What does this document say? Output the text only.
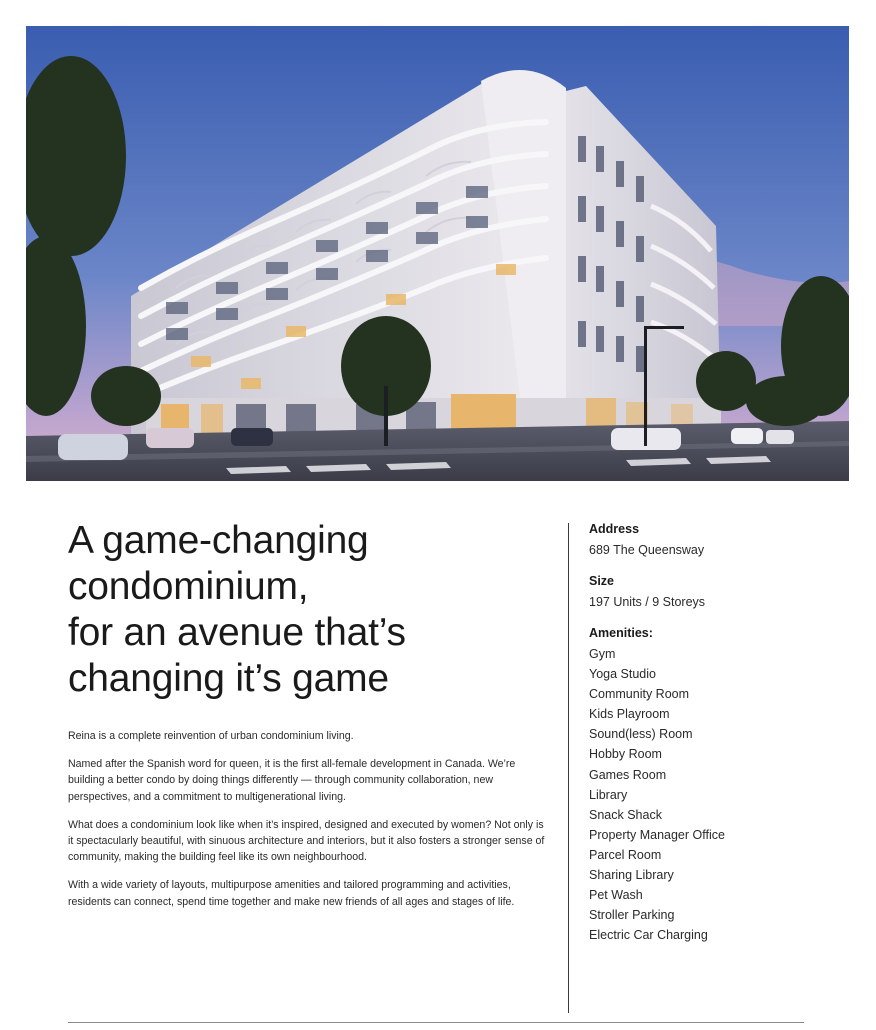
A game-changing
condominium,
for an avenue that’s
changing it’s game

Reina is a complete reinvention of urban condominium living.

Named after the Spanish word for queen, it is the first all-female development in Canada. We’re building a better condo by doing things differently — through community collaboration, new perspectives, and a commitment to multigenerational living.

What does a condominium look like when it’s inspired, designed and executed by women? Not only is it spectacularly beautiful, with sinuous architecture and interiors, but it also fosters a stronger sense of community, making the building feel like its own neighbourhood.

With a wide variety of layouts, multipurpose amenities and tailored programming and activities, residents can connect, spend time together and make new friends of all ages and stages of life.

Address
689 The Queensway
Size
197 Units / 9 Storeys
Amenities:
Gym
Yoga Studio
Community Room
Kids Playroom
Sound(less) Room
Hobby Room
Games Room
Library
Snack Shack
Property Manager Office
Parcel Room
Sharing Library
Pet Wash
Stroller Parking
Electric Car Charging
